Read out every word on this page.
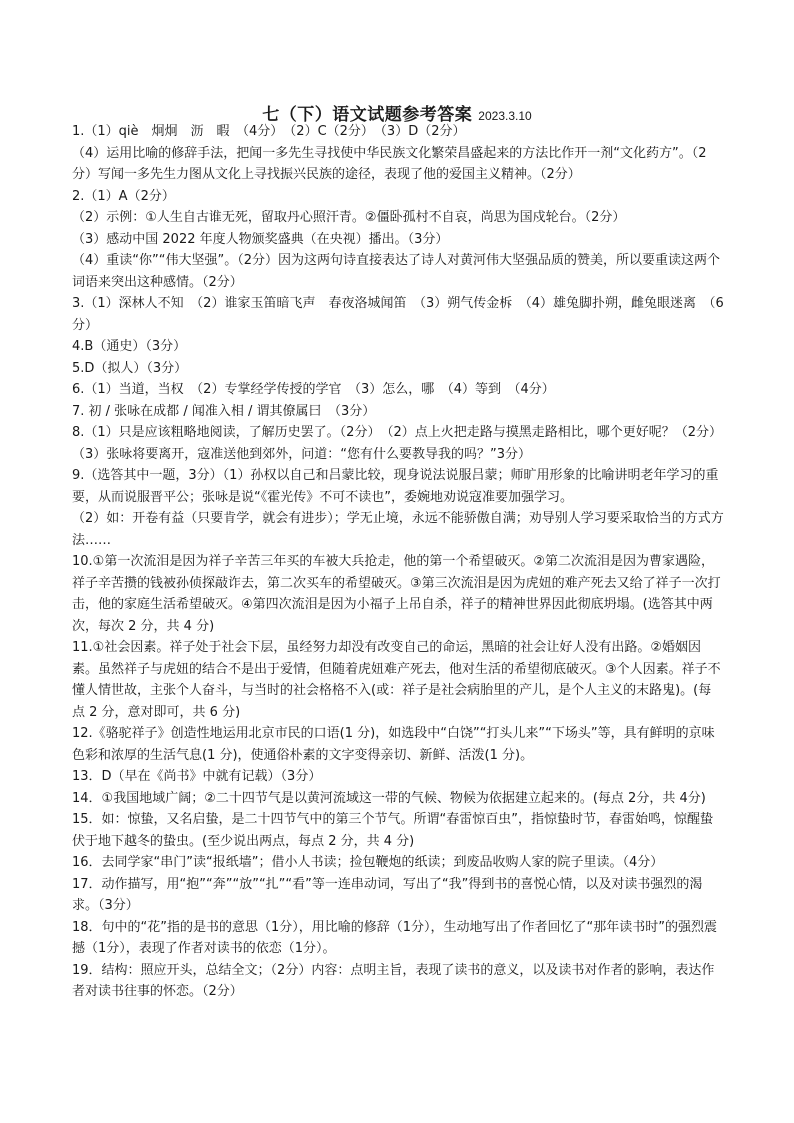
七（下）语文试题参考答案 2023.3.10

1.（1）qiè　炯炯　沥　暇　（4分）　（2）C（2分）　（3）D（2分）

（4）运用比喻的修辞手法，把闻一多先生寻找使中华民族文化繁荣昌盛起来的方法比作开一剂“文化药方”。（2分）写闻一多先生力图从文化上寻找振兴民族的途径，表现了他的爱国主义精神。（2分）

2.（1）A（2分）

（2）示例：①人生自古谁无死，留取丹心照汗青。②僵卧孤村不自哀，尚思为国戍轮台。（2分）

（3）感动中国 2022 年度人物颁奖盛典（在央视）播出。（3分）

（4）重读“你”“伟大坚强”。（2分）因为这两句诗直接表达了诗人对黄河伟大坚强品质的赞美，所以要重读这两个词语来突出这种感情。（2分）

3.（1）深林人不知　（2）谁家玉笛暗飞声　春夜洛城闻笛　（3）朔气传金柝　（4）雄兔脚扑朔，雌兔眼迷离　（6分）

4.B（通史）（3分）

5.D（拟人）（3分）

6.（1）当道，当权　（2）专掌经学传授的学官　（3）怎么，哪　（4）等到　（4分）

7. 初 / 张咏在成都 / 闻准入相 / 谓其僚属曰　（3分）

8.（1）只是应该粗略地阅读，了解历史罢了。（2分）　（2）点上火把走路与摸黑走路相比，哪个更好呢？（2分）　（3）张咏将要离开，寇准送他到郊外，问道：“您有什么要教导我的吗？”3分）

9.（选答其中一题，3分）（1）孙权以自己和吕蒙比较，现身说法说服吕蒙；师旷用形象的比喻讲明老年学习的重要，从而说服晋平公；张咏是说“《霍光传》不可不读也”，委婉地劝说寇准要加强学习。

（2）如：开卷有益（只要肯学，就会有进步）；学无止境，永远不能骄傲自满；劝导别人学习要采取恰当的方式方法……

10.①第一次流泪是因为祥子辛苦三年买的车被大兵抢走，他的第一个希望破灭。②第二次流泪是因为曹家遇险，祥子辛苦攒的钱被孙侦探敲诈去，第二次买车的希望破灭。③第三次流泪是因为虎妞的难产死去又给了祥子一次打击，他的家庭生活希望破灭。④第四次流泪是因为小福子上吊自杀，祥子的精神世界因此彻底坍塌。(选答其中两次，每次 2 分，共 4 分)

11.①社会因素。祥子处于社会下层，虽经努力却没有改变自己的命运，黑暗的社会让好人没有出路。②婚姻因素。虽然祥子与虎妞的结合不是出于爱情，但随着虎妞难产死去，他对生活的希望彻底破灭。③个人因素。祥子不懂人情世故，主张个人奋斗，与当时的社会格格不入(或：祥子是社会病胎里的产儿，是个人主义的末路鬼)。(每点 2 分，意对即可，共 6 分)

12.《骆驼祥子》创造性地运用北京市民的口语(1 分)，如选段中“白饶”“打头儿来”“下场头”等，具有鲜明的京味色彩和浓厚的生活气息(1 分)，使通俗朴素的文字变得亲切、新鲜、活泼(1 分)。

13．D（早在《尚书》中就有记载）（3分）

14．①我国地域广阔；②二十四节气是以黄河流域这一带的气候、物候为依据建立起来的。(每点 2分，共 4分)

15．如：惊蛰，又名启蛰，是二十四节气中的第三个节气。所谓“春雷惊百虫”，指惊蛰时节，春雷始鸣，惊醒蛰伏于地下越冬的蛰虫。(至少说出两点，每点 2 分，共 4 分)

16．去同学家“串门”读“报纸墙”；借小人书读；捡包鞭炮的纸读；到废品收购人家的院子里读。（4分）

17．动作描写，用“抱”“奔”“放”“扎”“看”等一连串动词，写出了“我”得到书的喜悦心情，以及对读书强烈的渴求。（3分）

18．句中的“花”指的是书的意思（1分），用比喻的修辞（1分），生动地写出了作者回忆了“那年读书时”的强烈震撼（1分），表现了作者对读书的依恋（1分）。

19．结构：照应开头，总结全文；（2分）内容：点明主旨，表现了读书的意义，以及读书对作者的影响，表达作者对读书往事的怀恋。（2分）
